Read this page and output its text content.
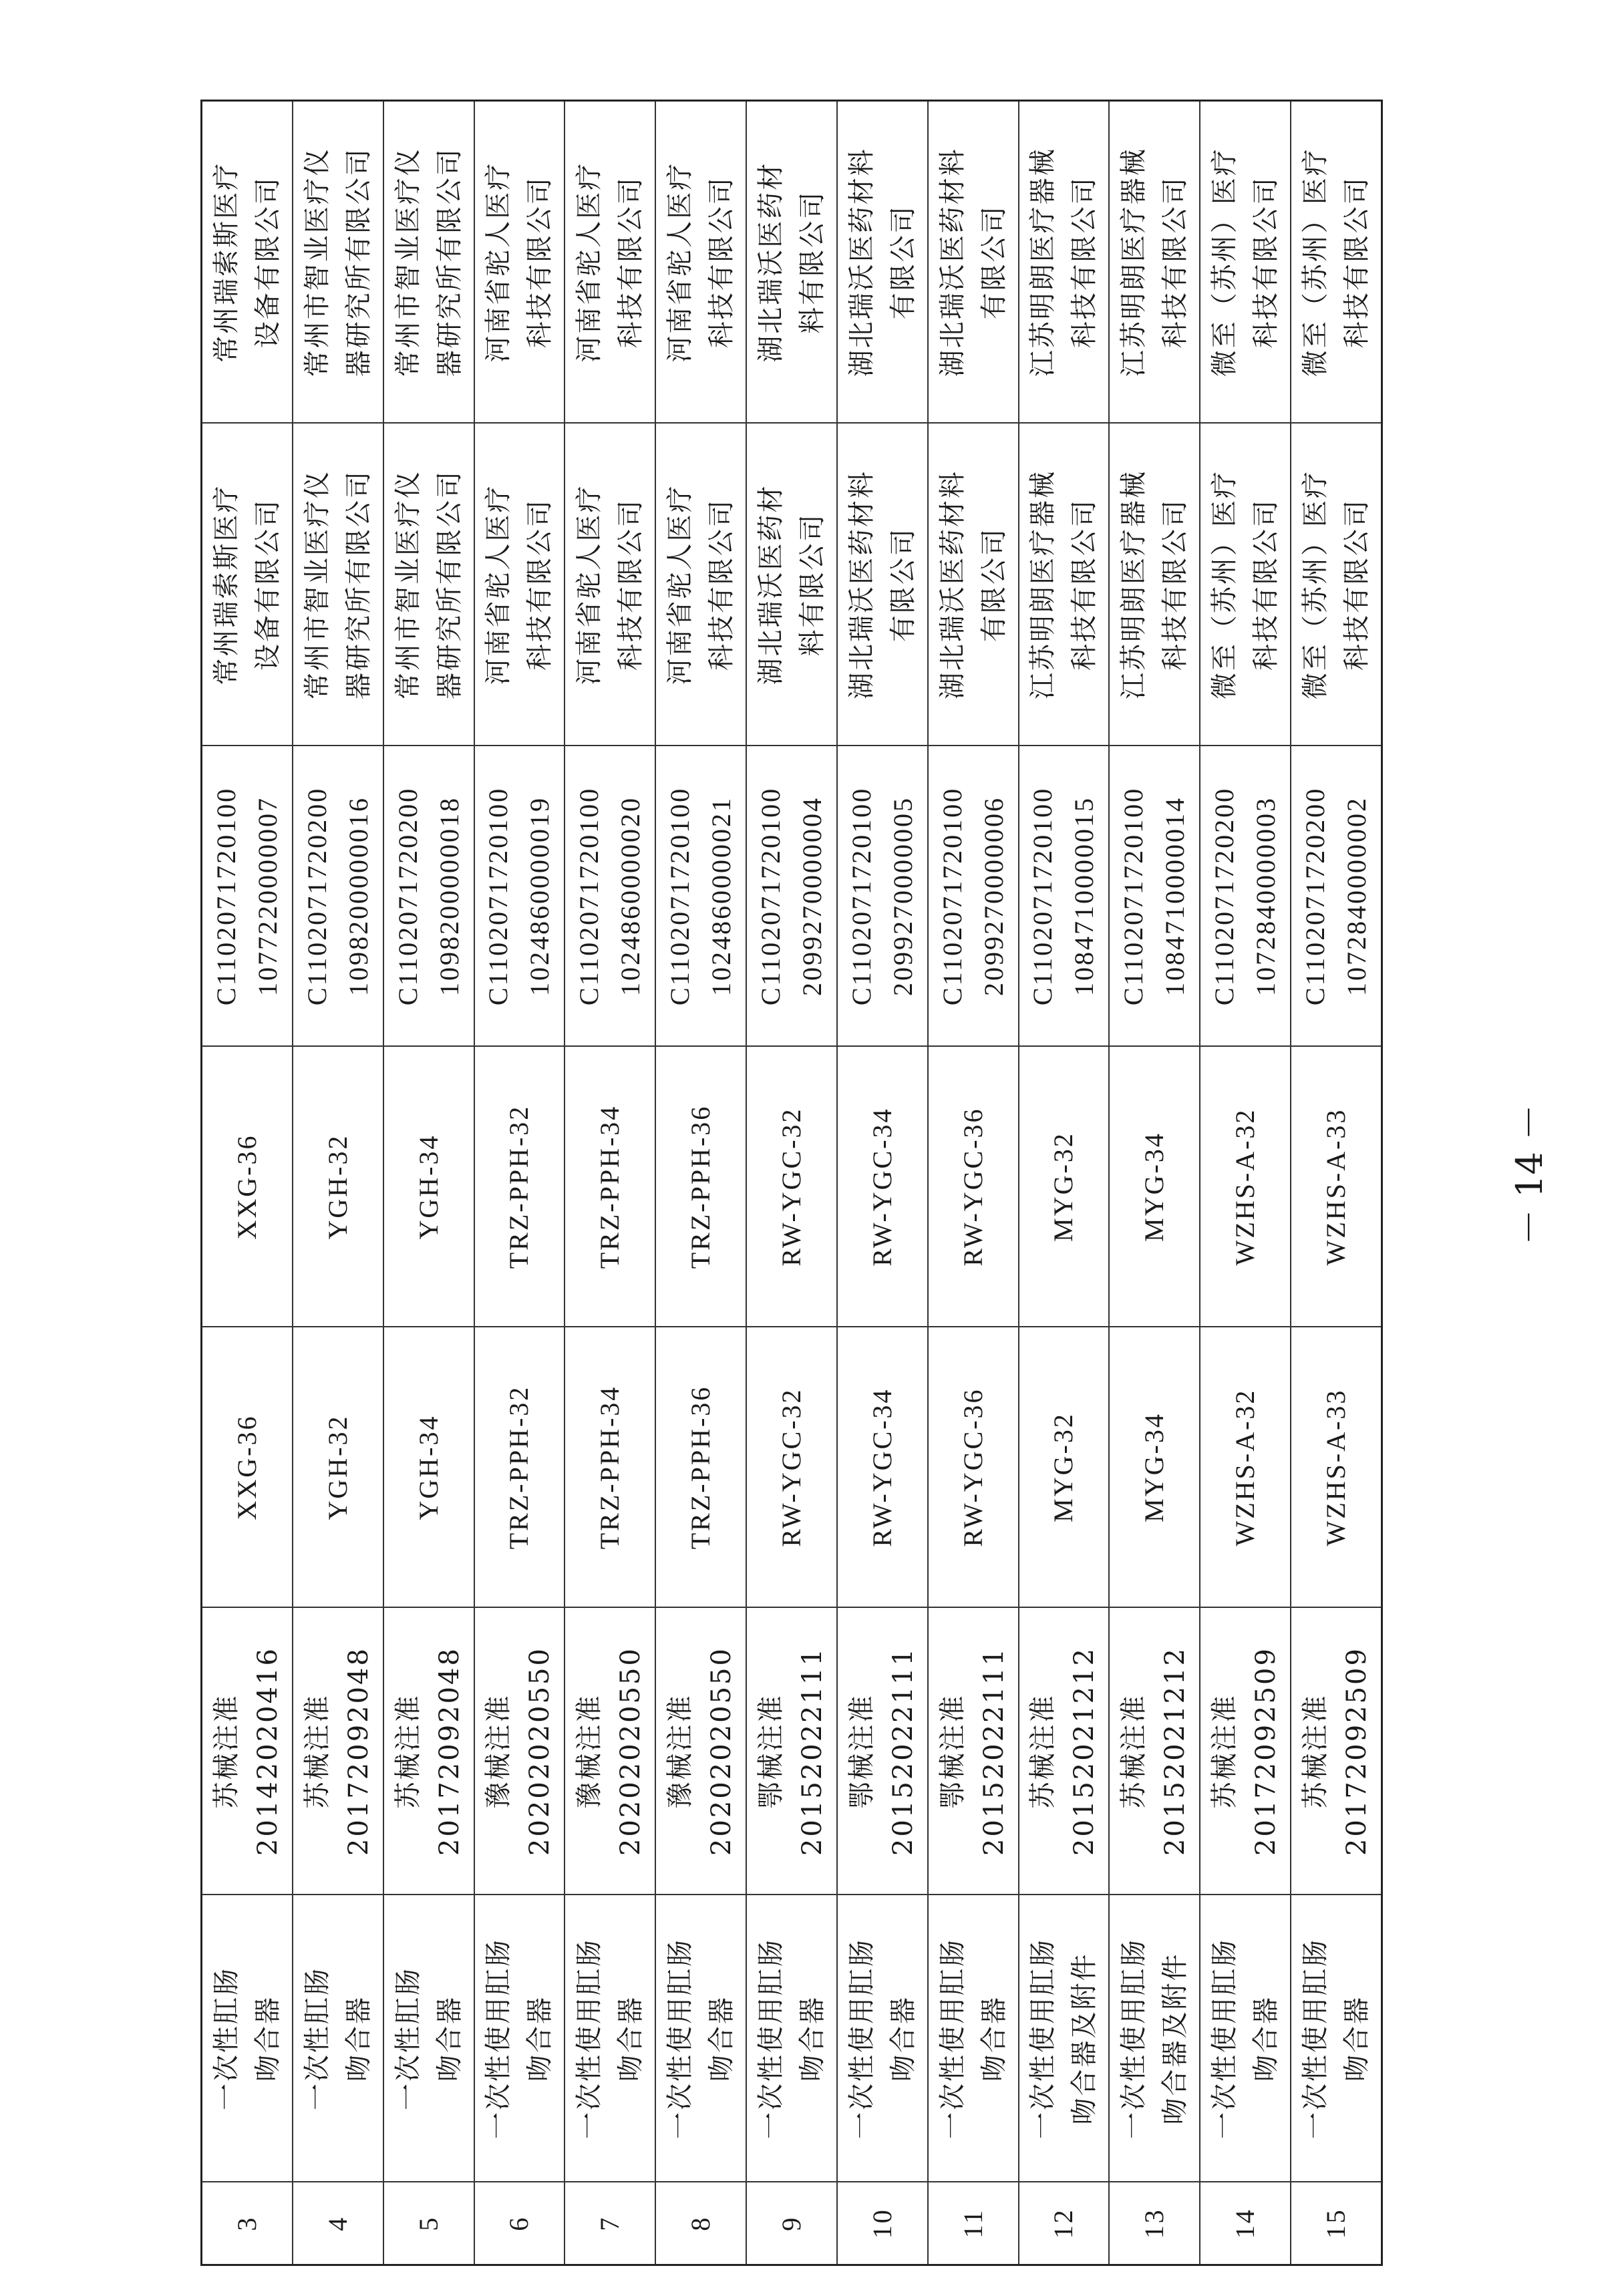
3	一次性肛肠 吻合器	苏械注准 20142020416	XXG-36	XXG-36	C1102071720100 1077220000007	常州瑞索斯医疗 设备有限公司	常州瑞索斯医疗 设备有限公司

4	一次性肛肠 吻合器	苏械注准 20172092048	YGH-32	YGH-32	C1102071720200 1098200000016	常州市智业医疗仪 器研究所有限公司	常州市智业医疗仪 器研究所有限公司

5	一次性肛肠 吻合器	苏械注准 20172092048	YGH-34	YGH-34	C1102071720200 1098200000018	常州市智业医疗仪 器研究所有限公司	常州市智业医疗仪 器研究所有限公司

6	一次性使用肛肠 吻合器	豫械注准 20202020550	TRZ-PPH-32	TRZ-PPH-32	C1102071720100 1024860000019	河南省驼人医疗 科技有限公司	河南省驼人医疗 科技有限公司

7	一次性使用肛肠 吻合器	豫械注准 20202020550	TRZ-PPH-34	TRZ-PPH-34	C1102071720100 1024860000020	河南省驼人医疗 科技有限公司	河南省驼人医疗 科技有限公司

8	一次性使用肛肠 吻合器	豫械注准 20202020550	TRZ-PPH-36	TRZ-PPH-36	C1102071720100 1024860000021	河南省驼人医疗 科技有限公司	河南省驼人医疗 科技有限公司

9	一次性使用肛肠 吻合器	鄂械注准 20152022111	RW-YGC-32	RW-YGC-32	C1102071720100 2099270000004	湖北瑞沃医药材 料有限公司	湖北瑞沃医药材 料有限公司

10	一次性使用肛肠 吻合器	鄂械注准 20152022111	RW-YGC-34	RW-YGC-34	C1102071720100 2099270000005	湖北瑞沃医药材料 有限公司	湖北瑞沃医药材料 有限公司

11	一次性使用肛肠 吻合器	鄂械注准 20152022111	RW-YGC-36	RW-YGC-36	C1102071720100 2099270000006	湖北瑞沃医药材料 有限公司	湖北瑞沃医药材料 有限公司

12	一次性使用肛肠 吻合器及附件	苏械注准 20152021212	MYG-32	MYG-32	C1102071720100 1084710000015	江苏明朗医疗器械 科技有限公司	江苏明朗医疗器械 科技有限公司

13	一次性使用肛肠 吻合器及附件	苏械注准 20152021212	MYG-34	MYG-34	C1102071720100 1084710000014	江苏明朗医疗器械 科技有限公司	江苏明朗医疗器械 科技有限公司

14	一次性使用肛肠 吻合器	苏械注准 20172092509	WZHS-A-32	WZHS-A-32	C1102071720200 1072840000003	微至（苏州）医疗 科技有限公司	微至（苏州）医疗 科技有限公司

15	一次性使用肛肠 吻合器	苏械注准 20172092509	WZHS-A-33	WZHS-A-33	C1102071720200 1072840000002	微至（苏州）医疗 科技有限公司	微至（苏州）医疗 科技有限公司
－ 14 －
